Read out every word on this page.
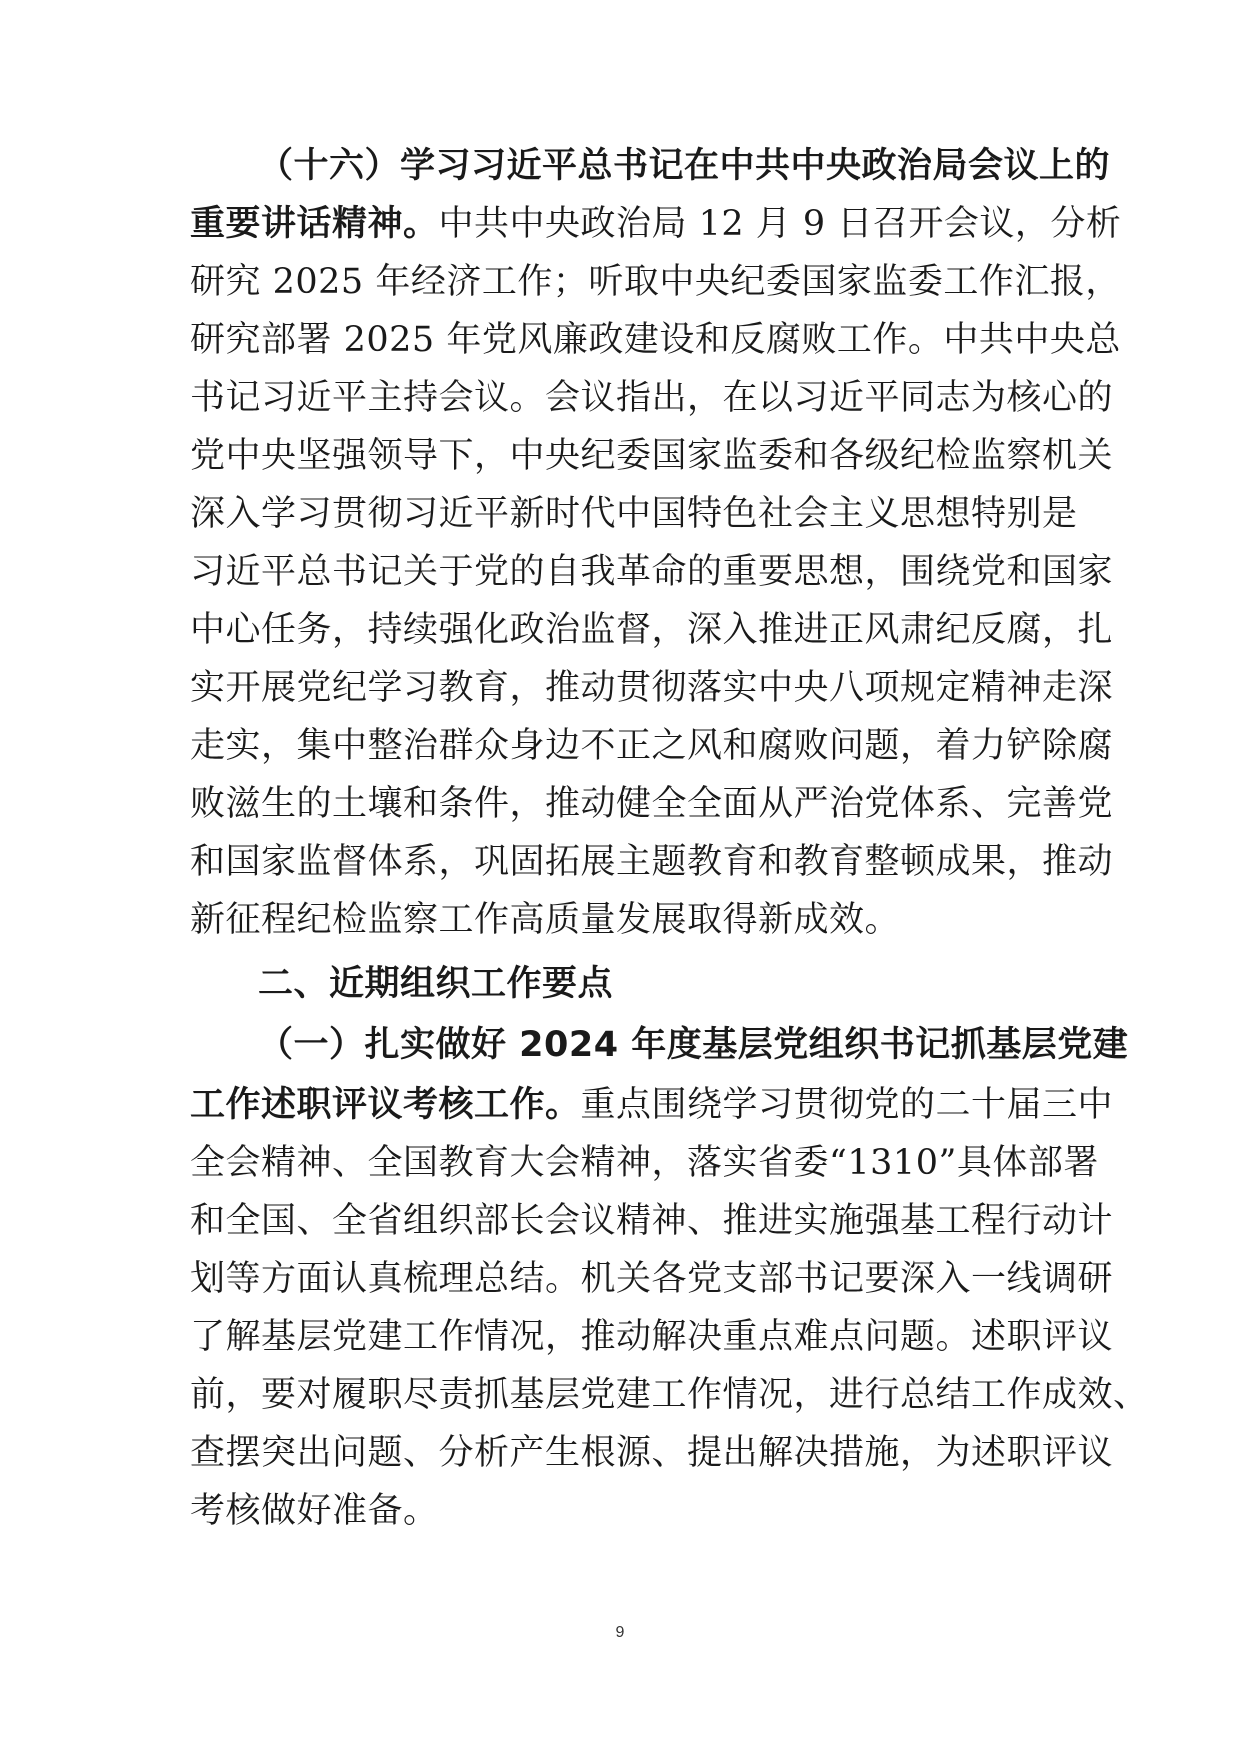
（十六）学习习近平总书记在中共中央政治局会议上的
重要讲话精神。中共中央政治局 12 月 9 日召开会议，分析
研究 2025 年经济工作；听取中央纪委国家监委工作汇报，
研究部署 2025 年党风廉政建设和反腐败工作。中共中央总
书记习近平主持会议。会议指出，在以习近平同志为核心的
党中央坚强领导下，中央纪委国家监委和各级纪检监察机关
深入学习贯彻习近平新时代中国特色社会主义思想特别是
习近平总书记关于党的自我革命的重要思想，围绕党和国家
中心任务，持续强化政治监督，深入推进正风肃纪反腐，扎
实开展党纪学习教育，推动贯彻落实中央八项规定精神走深
走实，集中整治群众身边不正之风和腐败问题，着力铲除腐
败滋生的土壤和条件，推动健全全面从严治党体系、完善党
和国家监督体系，巩固拓展主题教育和教育整顿成果，推动
新征程纪检监察工作高质量发展取得新成效。
二、近期组织工作要点
（一）扎实做好 2024 年度基层党组织书记抓基层党建
工作述职评议考核工作。重点围绕学习贯彻党的二十届三中
全会精神、全国教育大会精神，落实省委“1310”具体部署
和全国、全省组织部长会议精神、推进实施强基工程行动计
划等方面认真梳理总结。机关各党支部书记要深入一线调研
了解基层党建工作情况，推动解决重点难点问题。述职评议
前，要对履职尽责抓基层党建工作情况，进行总结工作成效、
查摆突出问题、分析产生根源、提出解决措施，为述职评议
考核做好准备。
9
